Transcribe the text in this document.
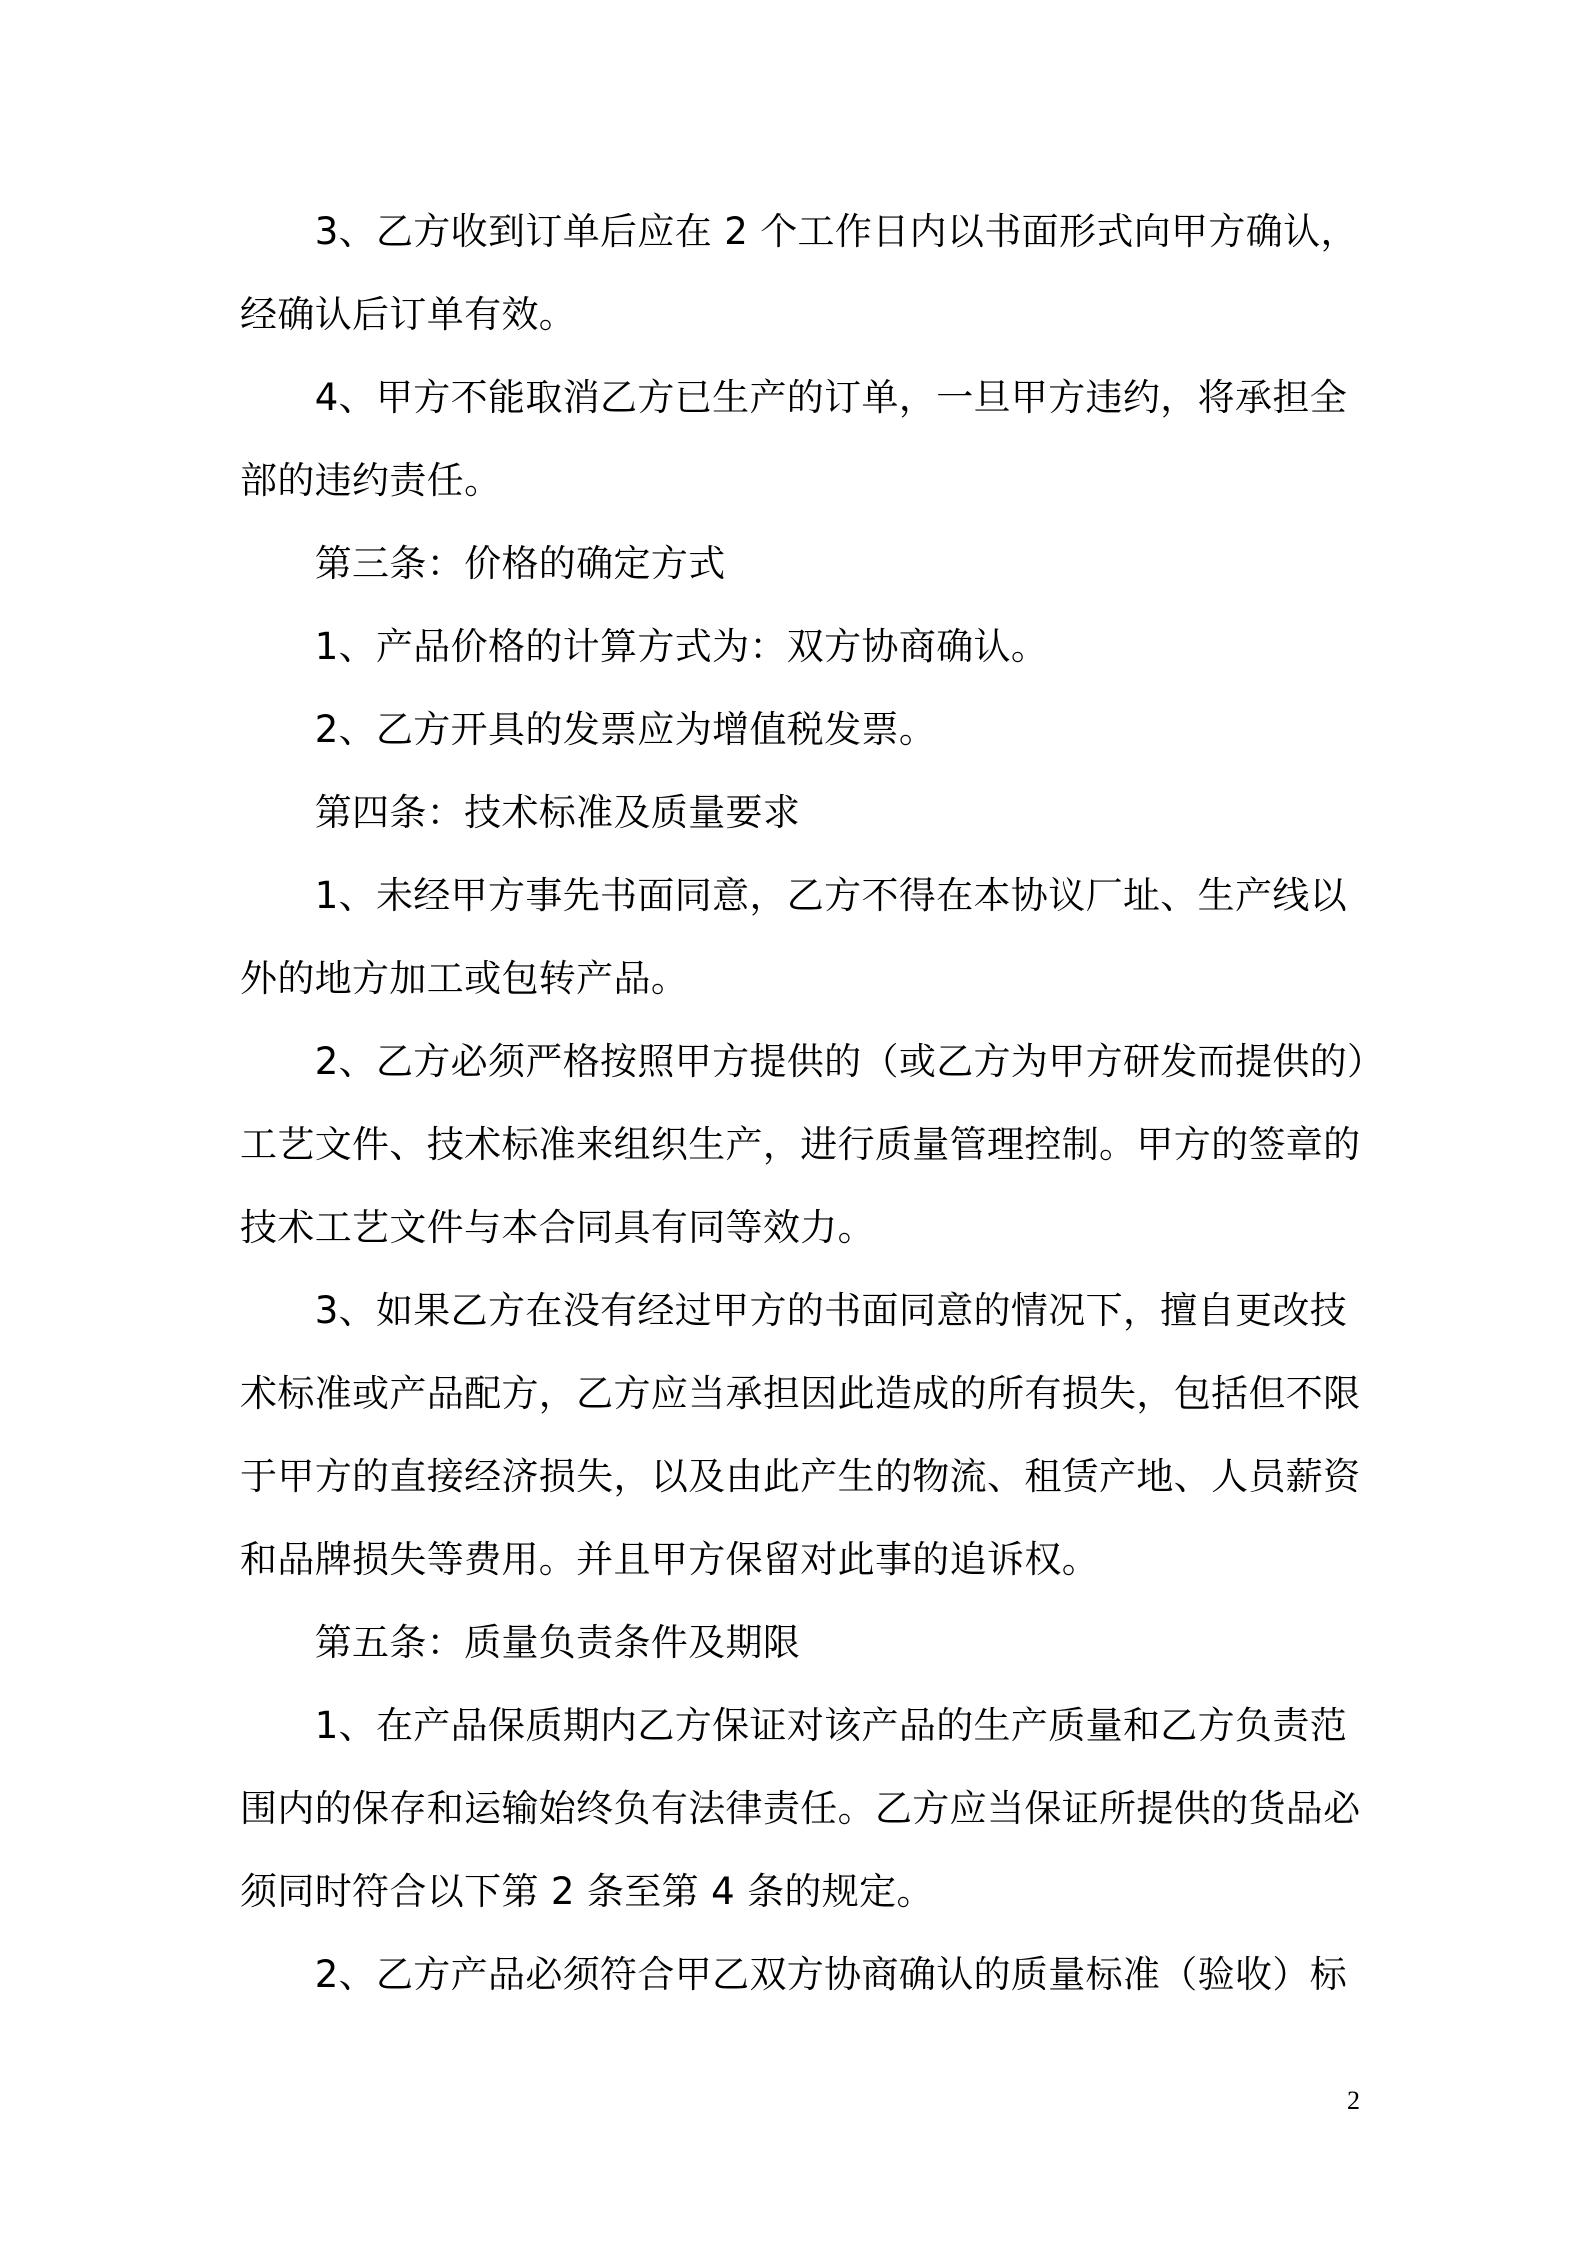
　　3、乙方收到订单后应在 2 个工作日内以书面形式向甲方确认，
经确认后订单有效。
　　4、甲方不能取消乙方已生产的订单，一旦甲方违约，将承担全
部的违约责任。
　　第三条：价格的确定方式
　　1、产品价格的计算方式为：双方协商确认。
　　2、乙方开具的发票应为增值税发票。
　　第四条：技术标准及质量要求
　　1、未经甲方事先书面同意，乙方不得在本协议厂址、生产线以
外的地方加工或包转产品。
　　2、乙方必须严格按照甲方提供的（或乙方为甲方研发而提供的）
工艺文件、技术标准来组织生产，进行质量管理控制。甲方的签章的
技术工艺文件与本合同具有同等效力。
　　3、如果乙方在没有经过甲方的书面同意的情况下，擅自更改技
术标准或产品配方，乙方应当承担因此造成的所有损失，包括但不限
于甲方的直接经济损失，以及由此产生的物流、租赁产地、人员薪资
和品牌损失等费用。并且甲方保留对此事的追诉权。
　　第五条：质量负责条件及期限
　　1、在产品保质期内乙方保证对该产品的生产质量和乙方负责范
围内的保存和运输始终负有法律责任。乙方应当保证所提供的货品必
须同时符合以下第 2 条至第 4 条的规定。
　　2、乙方产品必须符合甲乙双方协商确认的质量标准（验收）标
2
